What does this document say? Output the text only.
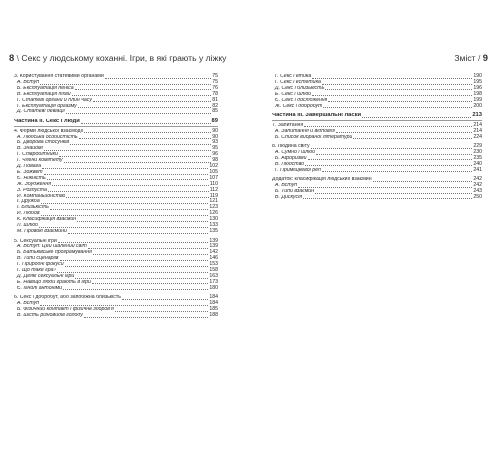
8 \ Секс у людському коханні. Ігри, в які грають у ліжку
3. Користування статевими органами	75
А. Вступ	75
Б. Експлуатація пеніса	76
В. Експлуатація піхви	78
Г. Статеві органи й плин часу	81
Ґ. Експлуатація оргазму	82
Д. Статеві девіації	85
Частина ІІ. Секс і люди	89
4. Форми людської взаємодії	90
А. Людська особистість	90
Б. Дворова стосунків	93
В. Знайомі	95
Г. Співробітники	96
Ґ. Члени комітету	98
Д. Повага	102
Е. Зожвет	105
Є. Ніжність	107
Ж. Збудження	110
З. Розпуста	112
И. Компаньйонство	119
І. Дружба	121
Ї. Близькість	123
Й. Любов	126
К. Класифікація взаємин	130
Л. Шлюб	133
М. Провокі взаємини	135
5. Сексуальні ігри	139
А. Вступ: Цей шалений світ	139
Б. Батьківське програмування	142
В. Типи сценаріїв	146
Г. Природні фокуси	153
Ґ. Що таке гра?	158
Д. Деякі сексуальні ігри	163
Е. Навіщо люди грають в ігри	173
Є. Ігнолі антоніми	180
6. Секс і добробут, або запобіжна близькість	184
А. Вступ	184
Б. Фізичний контакт і фізичне здоров'я	185
В. Шість різновидів голоду	188
Зміст / 9
Г. Секс і етика	190
Ґ. Секс і естетика	195
Д. Секс і близькість	196
Е. Секс і шлюб	198
Є. Секс і дослідження	199
Ж. Секс і добробут	200
Частина ІІІ. Завершальні ласки	213
7. Запитання	214
А. Запитання й відповіді	214
Б. Список вибраної літератури	224
8. Людина світу	229
А. Сумно і шлюб	230
Б. Афоризми	235
В. Людство	240
Г. Приміщкевої реп	241
Додаток: класифікація людських взаємин	242
А. Вступ	242
Б. Типи взаємин	243
В. Дискусія	250
